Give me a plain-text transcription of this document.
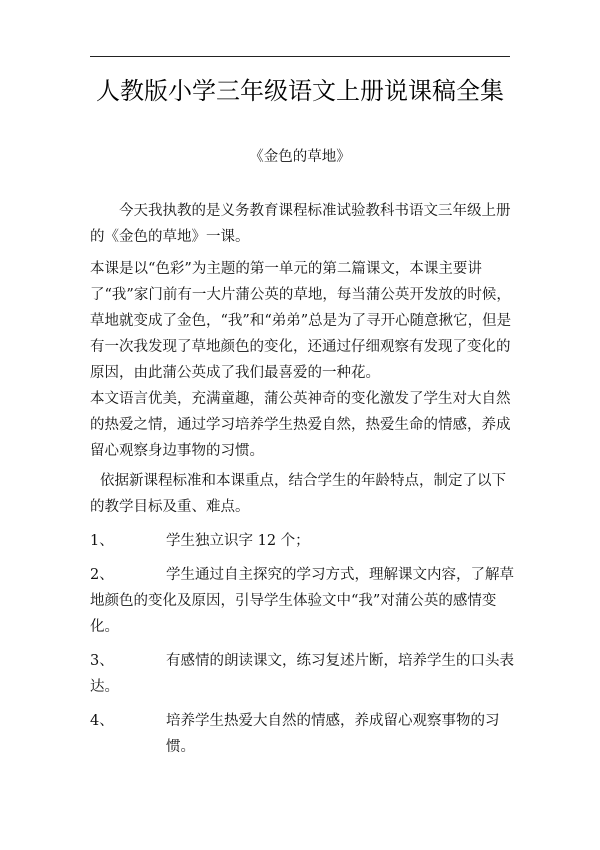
人教版小学三年级语文上册说课稿全集
《金色的草地》

今天我执教的是义务教育课程标准试验教科书语文三年级上册的《金色的草地》一课。

本课是以“色彩”为主题的第一单元的第二篇课文，本课主要讲了“我”家门前有一大片蒲公英的草地，每当蒲公英开发放的时候，草地就变成了金色，“我”和“弟弟”总是为了寻开心随意揪它，但是有一次我发现了草地颜色的变化，还通过仔细观察有发现了变化的原因，由此蒲公英成了我们最喜爱的一种花。

本文语言优美，充满童趣，蒲公英神奇的变化激发了学生对大自然的热爱之情，通过学习培养学生热爱自然，热爱生命的情感，养成留心观察身边事物的习惯。

依据新课程标准和本课重点，结合学生的年龄特点，制定了以下的教学目标及重、难点。

1、	学生独立识字 12 个；
2、	学生通过自主探究的学习方式，理解课文内容，了解草地颜色的变化及原因，引导学生体验文中“我”对蒲公英的感情变化。
3、	有感情的朗读课文，练习复述片断，培养学生的口头表达。
4、	培养学生热爱大自然的情感，养成留心观察事物的习惯。
